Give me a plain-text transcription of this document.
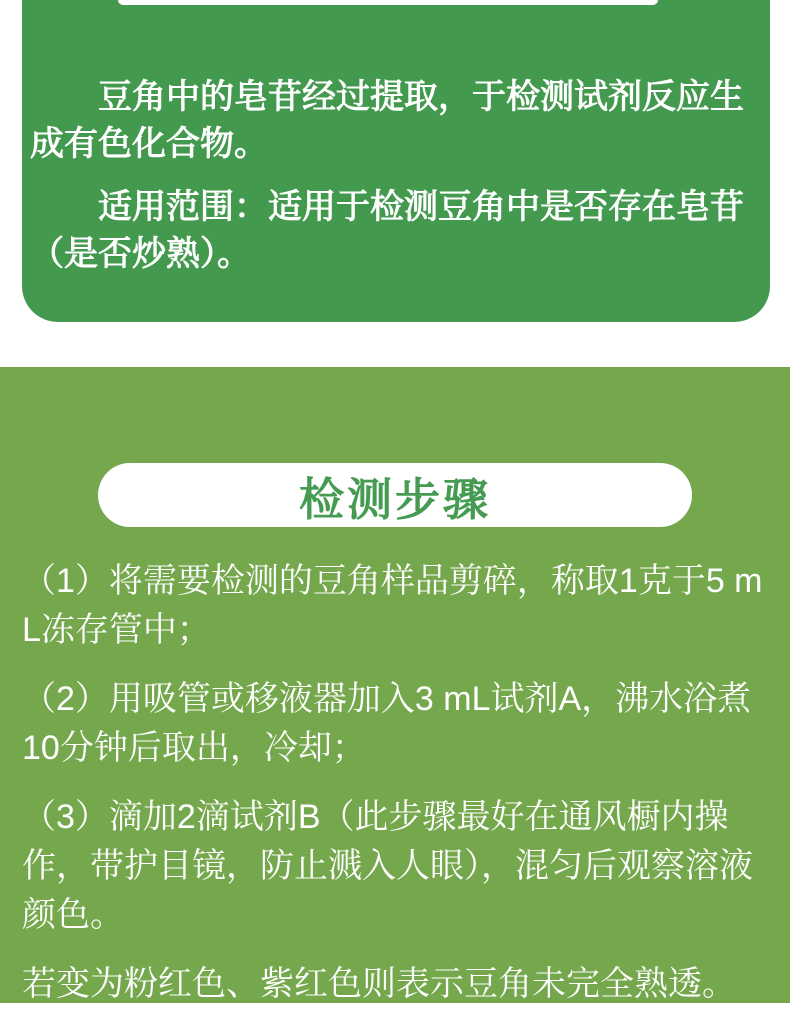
豆角中的皂苷经过提取，于检测试剂反应生成有色化合物。

适用范围：适用于检测豆角中是否存在皂苷（是否炒熟）。

检测步骤

（1）将需要检测的豆角样品剪碎，称取1克于5 mL冻存管中；

（2）用吸管或移液器加入3 mL试剂A，沸水浴煮10分钟后取出，冷却；

（3）滴加2滴试剂B（此步骤最好在通风橱内操作，带护目镜，防止溅入人眼），混匀后观察溶液颜色。

若变为粉红色、紫红色则表示豆角未完全熟透。
